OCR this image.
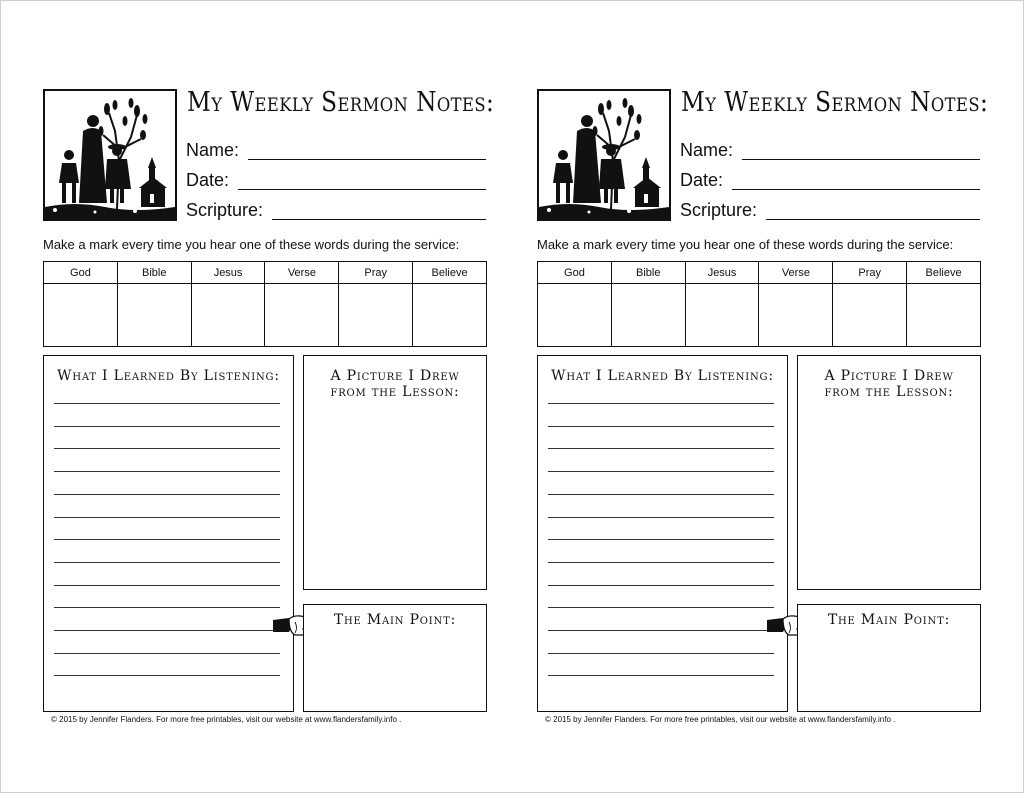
My Weekly Sermon Notes:
Name:
Date:
Scripture:
Make a mark every time you hear one of these words during the service:
God	Bible	Jesus	Verse	Pray	Believe

What I Learned By Listening:	A Picture I Drew
from the Lesson:
The Main Point:
© 2015 by Jennifer Flanders. For more free printables, visit our website at www.flandersfamily.info .
My Weekly Sermon Notes:
Name:
Date:
Scripture:
Make a mark every time you hear one of these words during the service:
God	Bible	Jesus	Verse	Pray	Believe

What I Learned By Listening:	A Picture I Drew
from the Lesson:
The Main Point:
© 2015 by Jennifer Flanders. For more free printables, visit our website at www.flandersfamily.info .
